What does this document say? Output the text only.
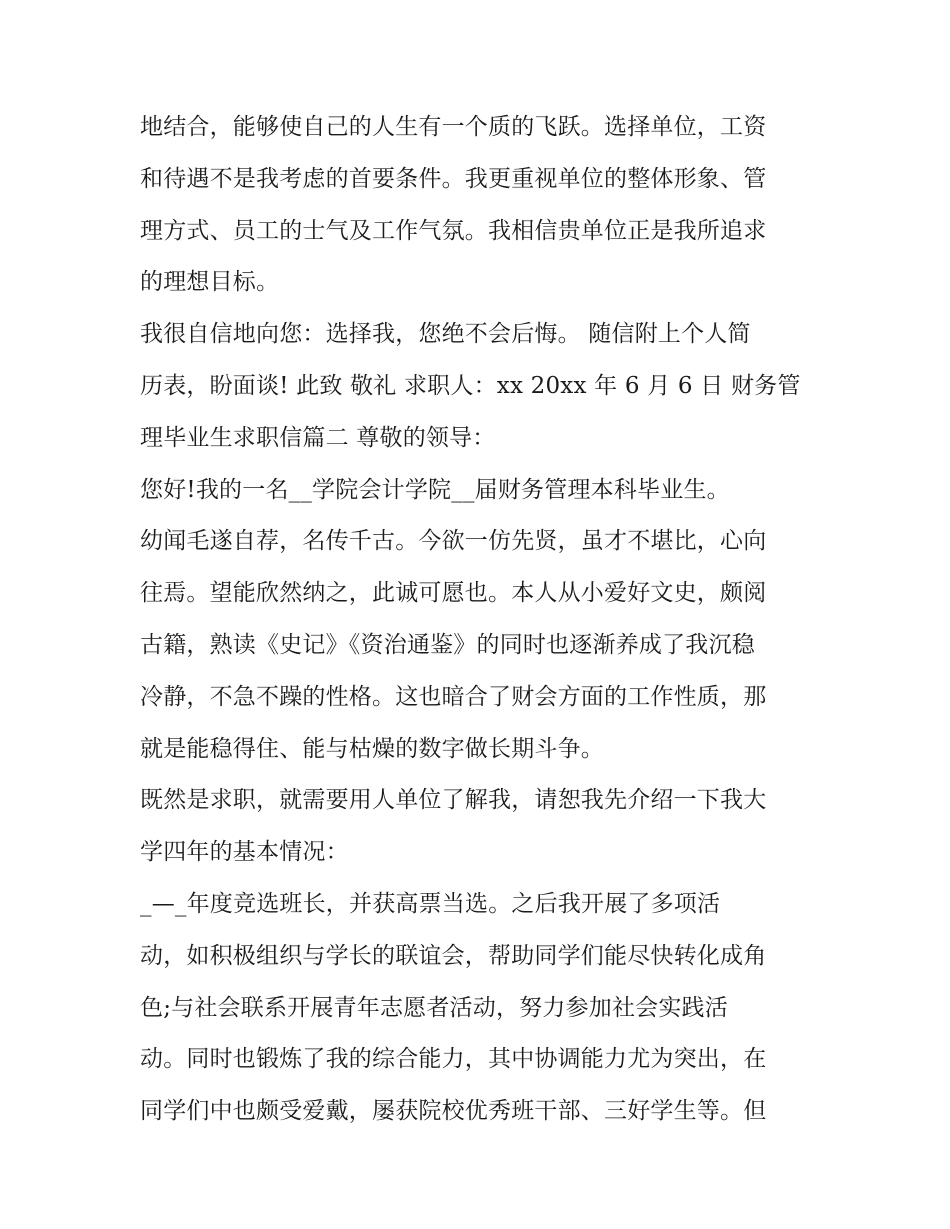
地结合，能够使自己的人生有一个质的飞跃。选择单位，工资
和待遇不是我考虑的首要条件。我更重视单位的整体形象、管
理方式、员工的士气及工作气氛。我相信贵单位正是我所追求
的理想目标。
我很自信地向您：选择我，您绝不会后悔。 随信附上个人简
历表，盼面谈! 此致 敬礼 求职人：xx 20xx 年 6 月 6 日 财务管
理毕业生求职信篇二 尊敬的领导：
您好!我的一名__学院会计学院__届财务管理本科毕业生。
幼闻毛遂自荐，名传千古。今欲一仿先贤，虽才不堪比，心向
往焉。望能欣然纳之，此诚可愿也。本人从小爱好文史，颇阅
古籍，熟读《史记》《资治通鉴》的同时也逐渐养成了我沉稳
冷静，不急不躁的性格。这也暗合了财会方面的工作性质，那
就是能稳得住、能与枯燥的数字做长期斗争。
既然是求职，就需要用人单位了解我，请恕我先介绍一下我大
学四年的基本情况：
_—_年度竞选班长，并获高票当选。之后我开展了多项活
动，如积极组织与学长的联谊会，帮助同学们能尽快转化成角
色;与社会联系开展青年志愿者活动，努力参加社会实践活
动。同时也锻炼了我的综合能力，其中协调能力尤为突出，在
同学们中也颇受爱戴，屡获院校优秀班干部、三好学生等。但
